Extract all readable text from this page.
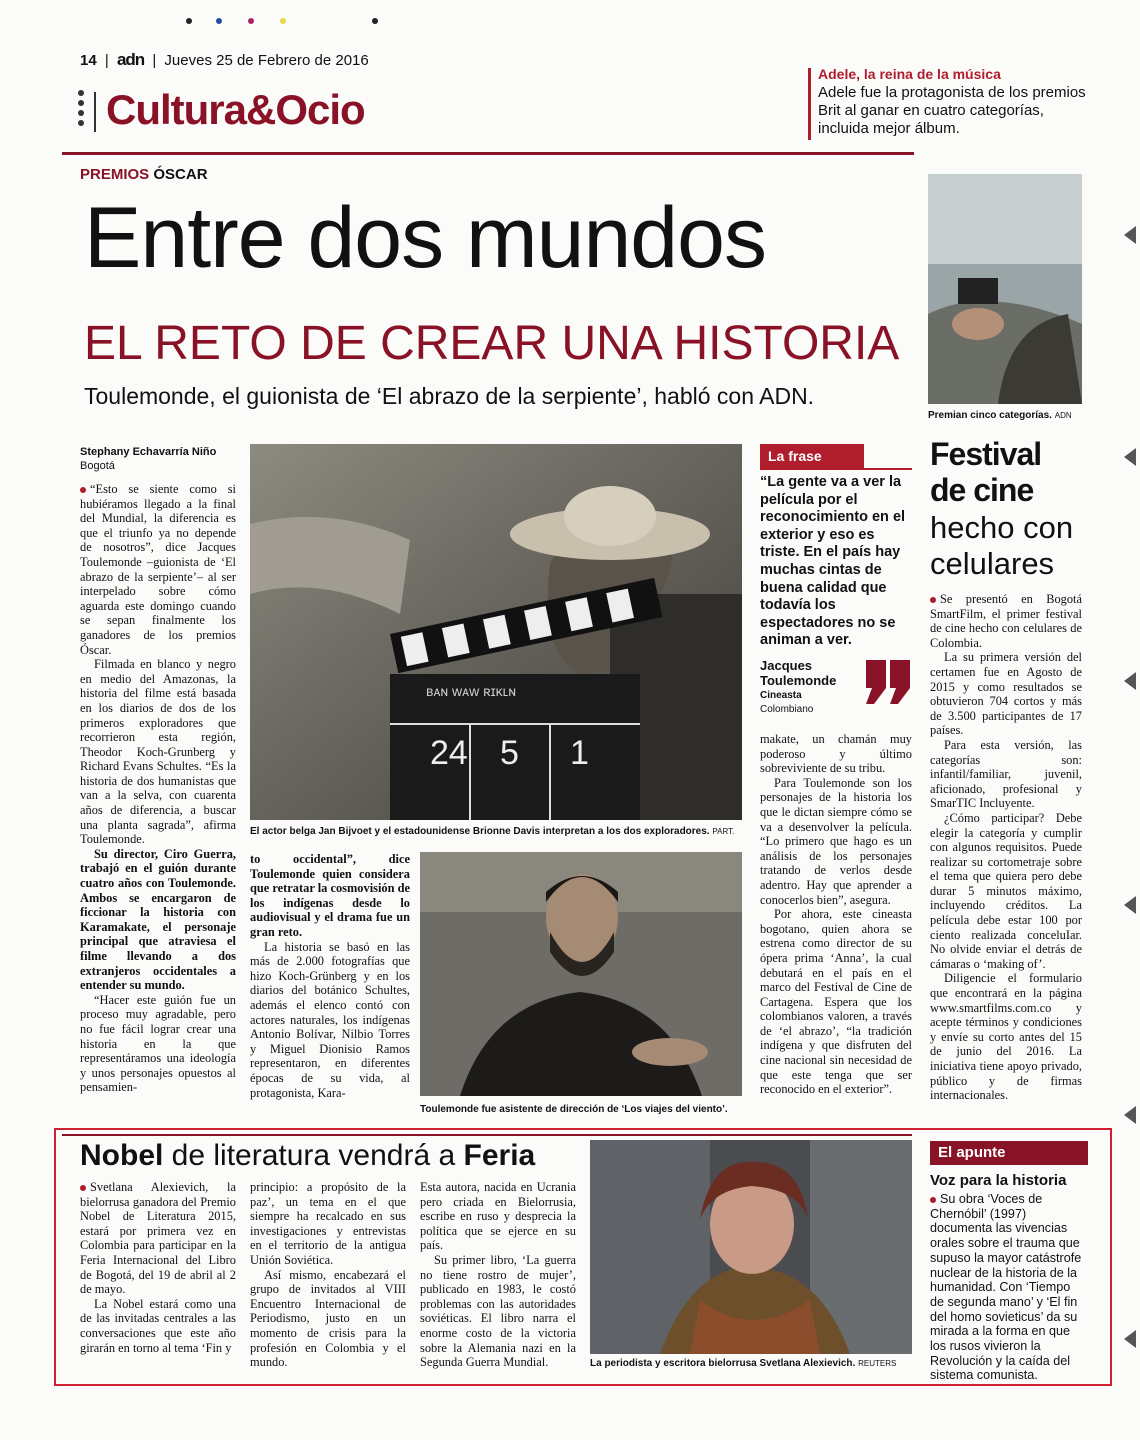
14 | adn | Jueves 25 de Febrero de 2016
Cultura&Ocio
Adele, la reina de la música
Adele fue la protagonista de los premios Brit al ganar en cuatro categorías, incluida mejor álbum.
PREMIOS ÓSCAR
Entre dos mundos
EL RETO DE CREAR UNA HISTORIA
Toulemonde, el guionista de ‘El abrazo de la serpiente’, habló con ADN.
Stephany Echavarría Niño
Bogotá

“Esto se siente como si hubiéramos llegado a la final del Mundial, la diferencia es que el triunfo ya no depende de nosotros”, dice Jacques Toulemonde –guionista de ‘El abrazo de la serpiente’– al ser interpelado sobre cómo aguarda este domingo cuando se sepan finalmente los ganadores de los premios Óscar.

Filmada en blanco y negro en medio del Amazonas, la historia del filme está basada en los diarios de dos de los primeros exploradores que recorrieron esta región, Theodor Koch-Grunberg y Richard Evans Schultes. “Es la historia de dos humanistas que van a la selva, con cuarenta años de diferencia, a buscar una planta sagrada”, afirma Toulemonde.

Su director, Ciro Guerra, trabajó en el guión durante cuatro años con Toulemonde. Ambos se encargaron de ficcionar la historia con Karamakate, el personaje principal que atraviesa el filme llevando a dos extranjeros occidentales a entender su mundo.

“Hacer este guión fue un proceso muy agradable, pero no fue fácil lograr crear una historia en la que representáramos una ideología y unos personajes opuestos al pensamien-

ʙᴀɴ ᴡᴀᴡ ʀɪᴋʟɴ
24 5 1
El actor belga Jan Bijvoet y el estadounidense Brionne Davis interpretan a los dos exploradores. PART.
La frase
“La gente va a ver la película por el reconocimiento en el exterior y eso es triste. En el país hay muchas cintas de buena calidad que todavía los espectadores no se animan a ver.
Jacques Toulemonde
Cineasta
Colombiano

to occidental”, dice Toulemonde quien considera que retratar la cosmovisión de los indígenas desde lo audiovisual y el drama fue un gran reto.

La historia se basó en las más de 2.000 fotografías que hizo Koch-Grünberg y en los diarios del botánico Schultes, además el elenco contó con actores naturales, los indígenas Antonio Bolívar, Nilbio Torres y Miguel Dionisio Ramos representaron, en diferentes épocas de su vida, al protagonista, Kara-

Toulemonde fue asistente de dirección de ‘Los viajes del viento’.

makate, un chamán muy poderoso y último sobreviviente de su tribu.

Para Toulemonde son los personajes de la historia los que le dictan siempre cómo se va a desenvolver la película. “Lo primero que hago es un análisis de los personajes tratando de verlos desde adentro. Hay que aprender a conocerlos bien”, asegura.

Por ahora, este cineasta bogotano, quien ahora se estrena como director de su ópera prima ‘Anna’, la cual debutará en el país en el marco del Festival de Cine de Cartagena. Espera que los colombianos valoren, a través de ‘el abrazo’, “la tradición indígena y que disfruten del cine nacional sin necesidad de que este tenga que ser reconocido en el exterior”.

Premian cinco categorías. ADN
Festival de cine
hecho con celulares

Se presentó en Bogotá SmartFilm, el primer festival de cine hecho con celulares de Colombia.

La su primera versión del certamen fue en Agosto de 2015 y como resultados se obtuvieron 704 cortos y más de 3.500 participantes de 17 países.

Para esta versión, las categorías son: infantil/familiar, juvenil, aficionado, profesional y SmarTIC Incluyente.

¿Cómo participar? Debe elegir la categoría y cumplir con algunos requisitos. Puede realizar su cortometraje sobre el tema que quiera pero debe durar 5 minutos máximo, incluyendo créditos. La película debe estar 100 por ciento realizada conceluIar. No olvide enviar el detrás de cámaras o ‘making of’.

Diligencie el formulario que encontrará en la página www.smartfilms.com.co y acepte términos y condiciones y envíe su corto antes del 15 de junio del 2016. La iniciativa tiene apoyo privado, público y de firmas internacionales.

Nobel de literatura vendrá a Feria

Svetlana Alexievich, la bielorrusa ganadora del Premio Nobel de Literatura 2015, estará por primera vez en Colombia para participar en la Feria Internacional del Libro de Bogotá, del 19 de abril al 2 de mayo.

La Nobel estará como una de las invitadas centrales a las conversaciones que este año girarán en torno al tema ‘Fin y

principio: a propósito de la paz’, un tema en el que siempre ha recalcado en sus investigaciones y entrevistas en el territorio de la antigua Unión Soviética.

Así mismo, encabezará el grupo de invitados al VIII Encuentro Internacional de Periodismo, justo en un momento de crisis para la profesión en Colombia y el mundo.

Esta autora, nacida en Ucrania pero criada en Bielorrusia, escribe en ruso y desprecia la política que se ejerce en su país.

Su primer libro, ‘La guerra no tiene rostro de mujer’, publicado en 1983, le costó problemas con las autoridades soviéticas. El libro narra el enorme costo de la victoria sobre la Alemania nazi en la Segunda Guerra Mundial.	La periodista y escritora bielorrusa Svetlana Alexievich. REUTERS
El apunte
Voz para la historia
Su obra ‘Voces de Chernóbil’ (1997) documenta las vivencias orales sobre el trauma que supuso la mayor catástrofe nuclear de la historia de la humanidad. Con ‘Tiempo de segunda mano’ y ‘El fin del homo sovieticus’ da su mirada a la forma en que los rusos vivieron la Revolución y la caída del sistema comunista.
